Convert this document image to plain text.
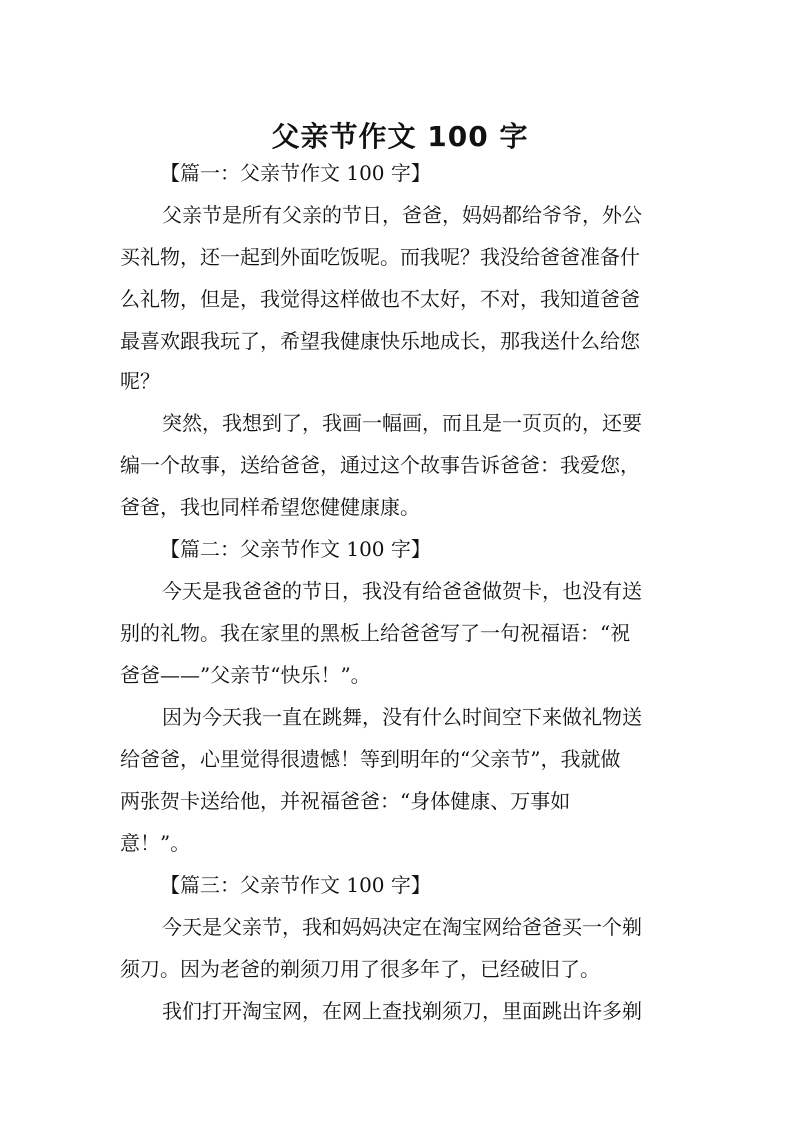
父亲节作文 100 字
【篇一：父亲节作文 100 字】
父亲节是所有父亲的节日，爸爸，妈妈都给爷爷，外公
买礼物，还一起到外面吃饭呢。而我呢？我没给爸爸准备什
么礼物，但是，我觉得这样做也不太好，不对，我知道爸爸
最喜欢跟我玩了，希望我健康快乐地成长，那我送什么给您
呢？
突然，我想到了，我画一幅画，而且是一页页的，还要
编一个故事，送给爸爸，通过这个故事告诉爸爸：我爱您，
爸爸，我也同样希望您健健康康。
【篇二：父亲节作文 100 字】
今天是我爸爸的节日，我没有给爸爸做贺卡，也没有送
别的礼物。我在家里的黑板上给爸爸写了一句祝福语：“祝
爸爸——”父亲节“快乐！”。
因为今天我一直在跳舞，没有什么时间空下来做礼物送
给爸爸，心里觉得很遗憾！等到明年的“父亲节”，我就做
两张贺卡送给他，并祝福爸爸：“身体健康、万事如
意！”。
【篇三：父亲节作文 100 字】
今天是父亲节，我和妈妈决定在淘宝网给爸爸买一个剃
须刀。因为老爸的剃须刀用了很多年了，已经破旧了。
我们打开淘宝网，在网上查找剃须刀，里面跳出许多剃
